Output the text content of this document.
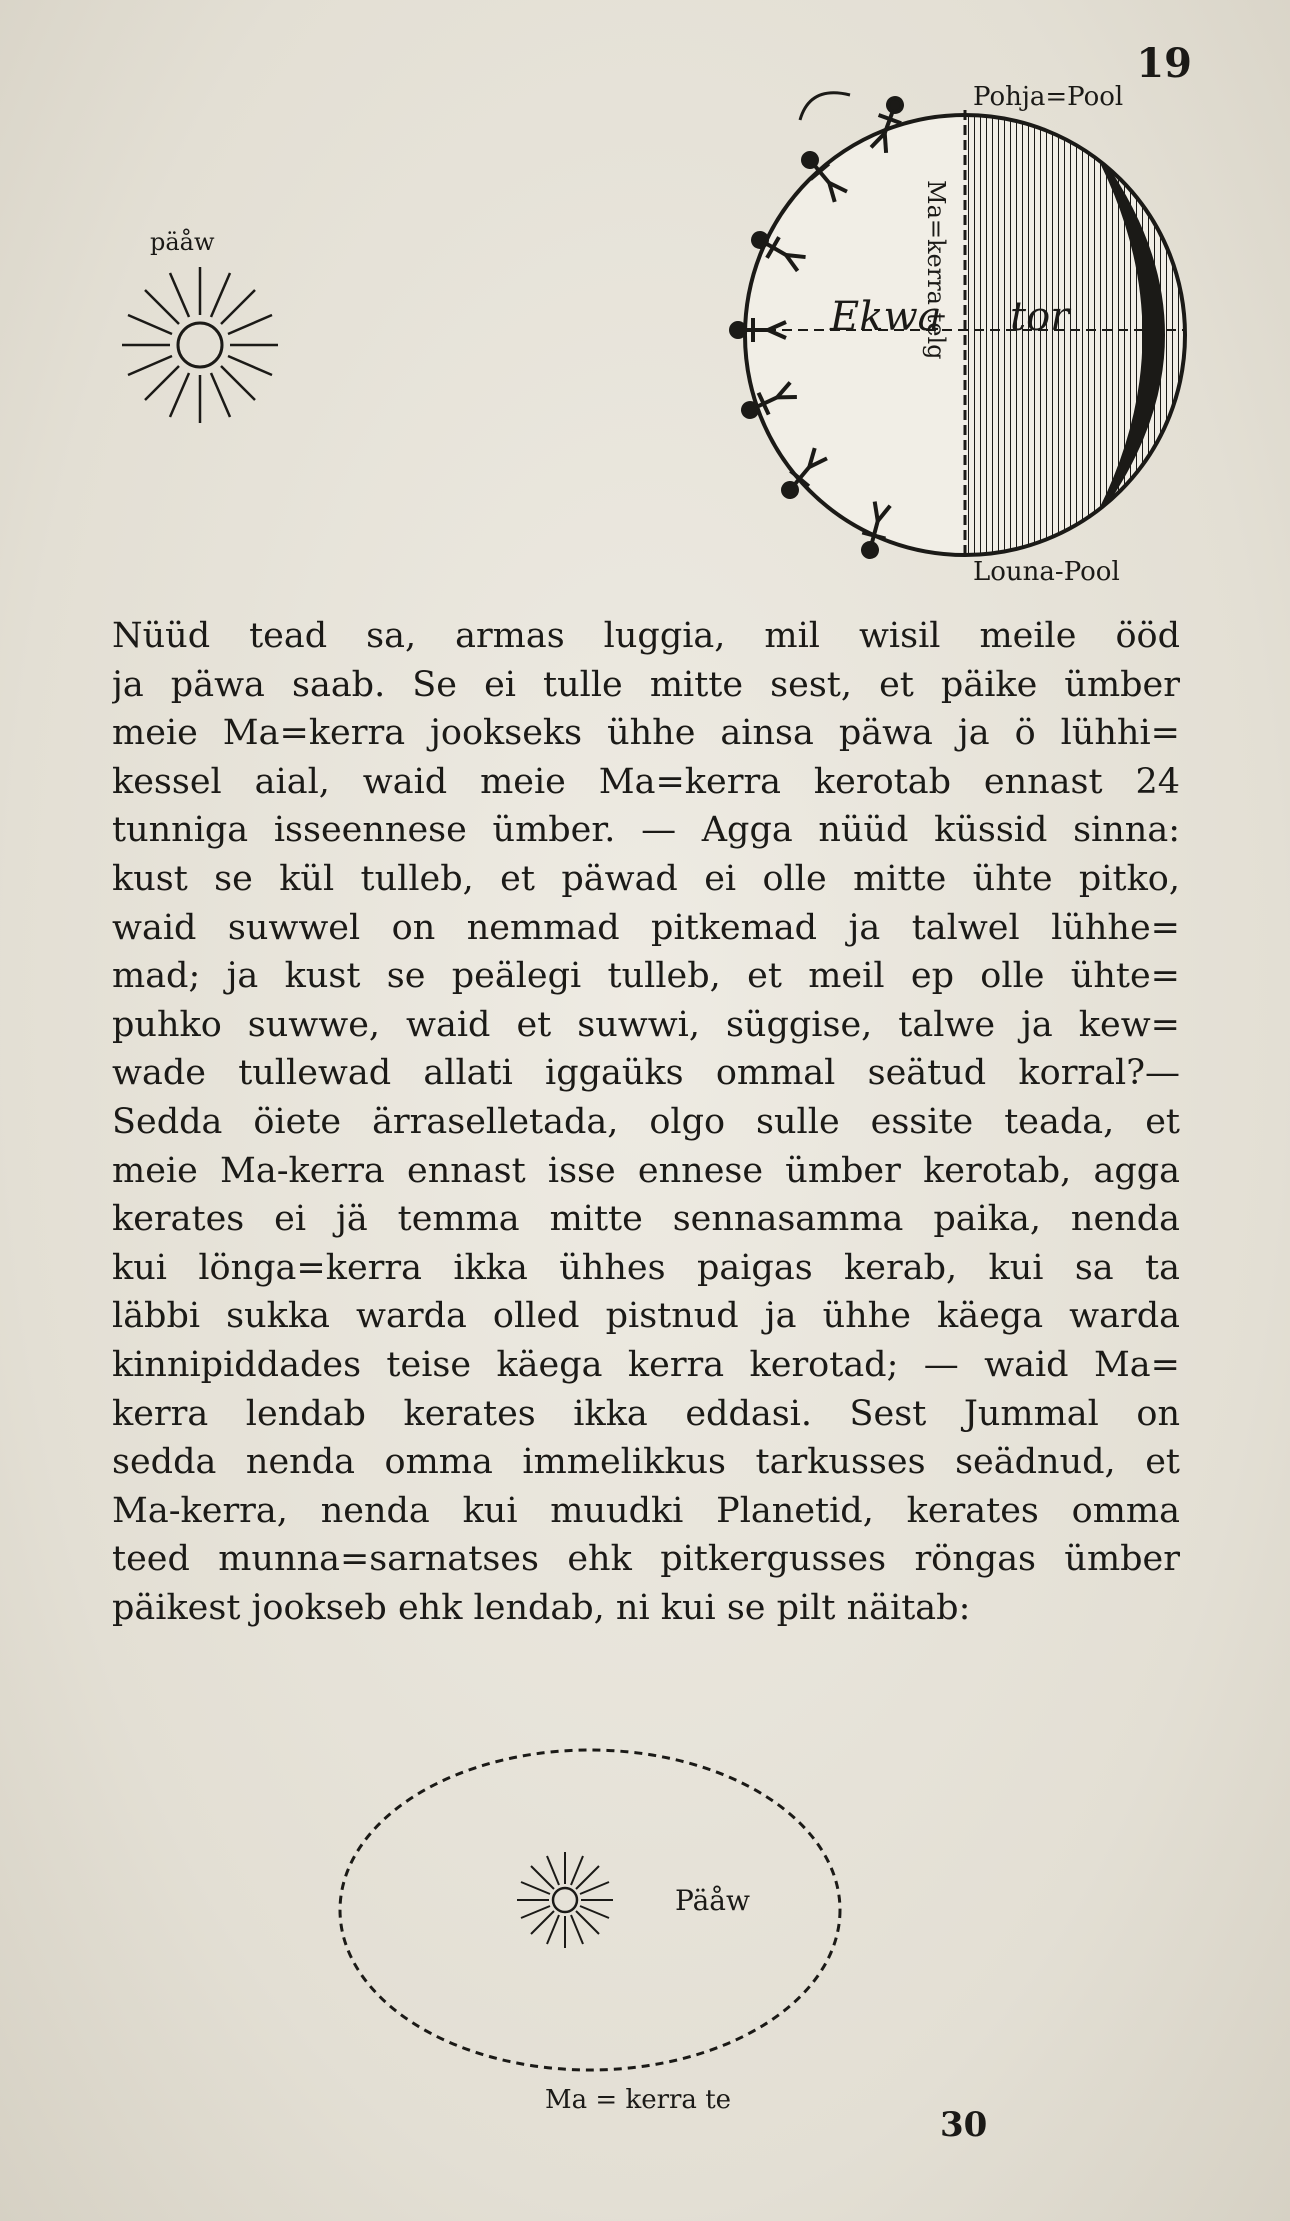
19
päåw
Pohja=Pool
Louna-Pool
Ma=kerra telg
Ekwa tor
Nüüd tead sa, armas luggia, mil wisil meile ööd
ja päwa saab. Se ei tulle mitte sest, et päike ümber
meie Ma=kerra jookseks ühhe ainsa päwa ja ö lühhi=
kessel aial, waid meie Ma=kerra kerotab ennast 24
tunniga isseennese ümber. — Agga nüüd küssid sinna:
kust se kül tulleb, et päwad ei olle mitte ühte pitko,
waid suwwel on nemmad pitkemad ja talwel lühhe=
mad; ja kust se peälegi tulleb, et meil ep olle ühte=
puhko suwwe, waid et suwwi, süggise, talwe ja kew=
wade tullewad allati iggaüks ommal seätud korral?—
Sedda öiete ärraselletada, olgo sulle essite teada, et
meie Ma-kerra ennast isse ennese ümber kerotab, agga
kerates ei jä temma mitte sennasamma paika, nenda
kui lönga=kerra ikka ühhes paigas kerab, kui sa ta
läbbi sukka warda olled pistnud ja ühhe käega warda
kinnipiddades teise käega kerra kerotad; — waid Ma=
kerra lendab kerates ikka eddasi. Sest Jummal on
sedda nenda omma immelikkus tarkusses seädnud, et
Ma-kerra, nenda kui muudki Planetid, kerates omma
teed munna=sarnatses ehk pitkergusses röngas ümber
päikest jookseb ehk lendab, ni kui se pilt näitab:
Päåw
Ma = kerra te
30
